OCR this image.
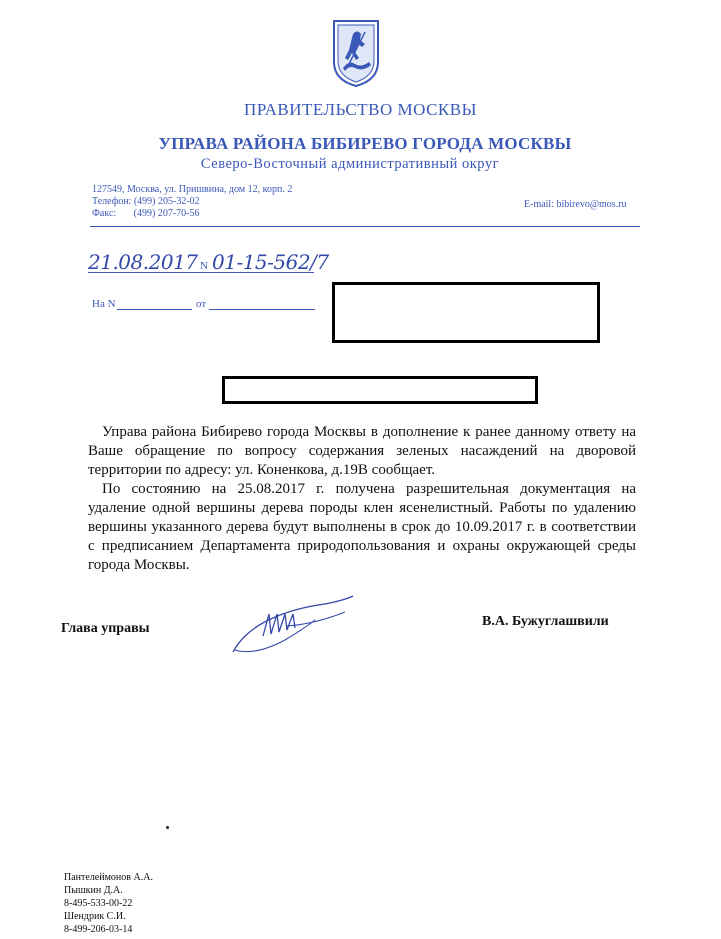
ПРАВИТЕЛЬСТВО МОСКВЫ
УПРАВА РАЙОНА БИБИРЕВО ГОРОДА МОСКВЫ
Северо-Восточный административный округ
127549, Москва, ул. Пришвина, дом 12, корп. 2
Телефон: (499) 205-32-02
Факс:       (499) 207-70-56
E-mail: bibirevo@mos.ru
21.08.2017 N 01-15-562/7
На N	от

Управа района Бибирево города Москвы в дополнение к ранее данному ответу на Ваше обращение по вопросу содержания зеленых насаждений на дворовой территории по адресу: ул. Коненкова, д.19В сообщает.

По состоянию на 25.08.2017 г. получена разрешительная документация на удаление одной вершины дерева породы клен ясенелистный. Работы по удалению вершины указанного дерева будут выполнены в срок до 10.09.2017 г. в соответствии с предписанием Департамента природопользования и охраны окружающей среды города Москвы.

Глава управы	В.А. Бужуглашвили
Пантелеймонов А.А.
Пышкин Д.А.
8-495-533-00-22
Шендрик С.И.
8-499-206-03-14
